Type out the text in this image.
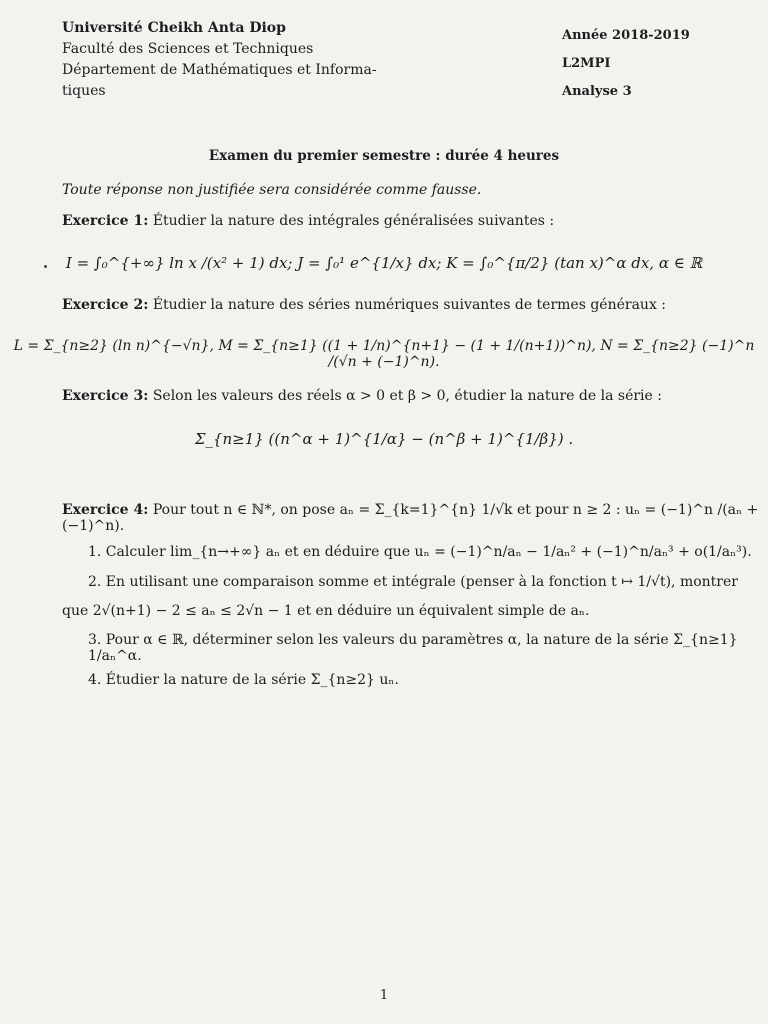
Université Cheikh Anta Diop
Faculté des Sciences et Techniques
Département de Mathématiques et Informa-
tiques
Année 2018-2019
L2MPI
Analyse 3
Examen du premier semestre : durée 4 heures
Toute réponse non justifiée sera considérée comme fausse.
Exercice 1: Étudier la nature des intégrales généralisées suivantes :
I = ∫₀^{+∞} ln x /(x² + 1) dx; J = ∫₀¹ e^{1/x} dx; K = ∫₀^{π/2} (tan x)^α dx, α ∈ ℝ
Exercice 2: Étudier la nature des séries numériques suivantes de termes généraux :
L = Σ_{n≥2} (ln n)^{−√n}, M = Σ_{n≥1} ((1 + 1/n)^{n+1} − (1 + 1/(n+1))^n), N = Σ_{n≥2} (−1)^n /(√n + (−1)^n).
Exercice 3: Selon les valeurs des réels α > 0 et β > 0, étudier la nature de la série :
Σ_{n≥1} ((n^α + 1)^{1/α} − (n^β + 1)^{1/β}) .
Exercice 4: Pour tout n ∈ ℕ*, on pose aₙ = Σ_{k=1}^{n} 1/√k et pour n ≥ 2 : uₙ = (−1)^n /(aₙ + (−1)^n).
1. Calculer lim_{n→+∞} aₙ et en déduire que uₙ = (−1)^n/aₙ − 1/aₙ² + (−1)^n/aₙ³ + o(1/aₙ³).
2. En utilisant une comparaison somme et intégrale (penser à la fonction t ↦ 1/√t), montrer
que 2√(n+1) − 2 ≤ aₙ ≤ 2√n − 1 et en déduire un équivalent simple de aₙ.
3. Pour α ∈ ℝ, déterminer selon les valeurs du paramètres α, la nature de la série Σ_{n≥1} 1/aₙ^α.
4. Étudier la nature de la série Σ_{n≥2} uₙ.
1
